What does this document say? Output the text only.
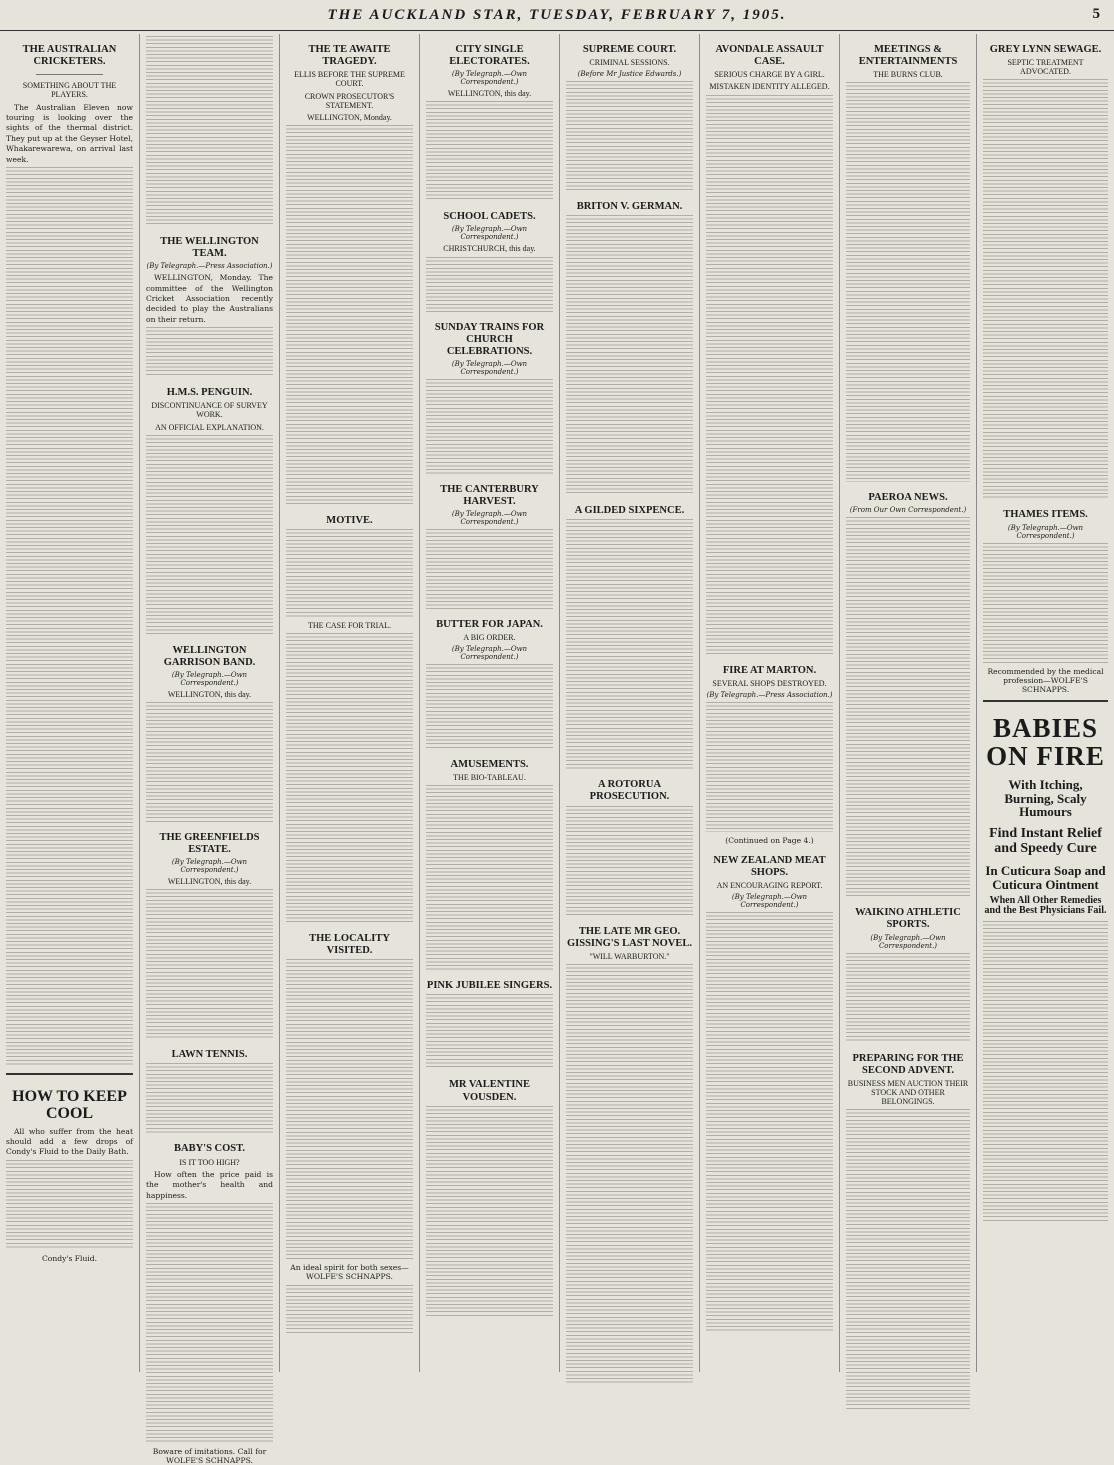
THE AUCKLAND STAR, TUESDAY, FEBRUARY 7, 1905.	5
THE AUSTRALIAN CRICKETERS.
SOMETHING ABOUT THE PLAYERS.
The Australian Eleven now touring is looking over the sights of the thermal district. They put up at the Geyser Hotel, Whakarewarewa, on arrival last week.
HOW TO KEEP COOL
All who suffer from the heat should add a few drops of Condy's Fluid to the Daily Bath.
Condy's Fluid.
THE WELLINGTON TEAM.
(By Telegraph.—Press Association.)
WELLINGTON, Monday. The committee of the Wellington Cricket Association recently decided to play the Australians on their return.
H.M.S. PENGUIN.
DISCONTINUANCE OF SURVEY WORK.
AN OFFICIAL EXPLANATION.
WELLINGTON GARRISON BAND.
(By Telegraph.—Own Correspondent.)
WELLINGTON, this day.
THE GREENFIELDS ESTATE.
(By Telegraph.—Own Correspondent.)
WELLINGTON, this day.
LAWN TENNIS.
BABY'S COST.
IS IT TOO HIGH?
How often the price paid is the mother's health and happiness.
Boware of imitations. Call for WOLFE'S SCHNAPPS.
THE TE AWAITE TRAGEDY.
ELLIS BEFORE THE SUPREME COURT.
CROWN PROSECUTOR'S STATEMENT.
WELLINGTON, Monday.
MOTIVE.
THE CASE FOR TRIAL.
THE LOCALITY VISITED.
An ideal spirit for both sexes—WOLFE'S SCHNAPPS.
CITY SINGLE ELECTORATES.
(By Telegraph.—Own Correspondent.)
WELLINGTON, this day.
SCHOOL CADETS.
(By Telegraph.—Own Correspondent.)
CHRISTCHURCH, this day.
SUNDAY TRAINS FOR CHURCH CELEBRATIONS.
(By Telegraph.—Own Correspondent.)
THE CANTERBURY HARVEST.
(By Telegraph.—Own Correspondent.)
BUTTER FOR JAPAN.
A BIG ORDER.
(By Telegraph.—Own Correspondent.)
AMUSEMENTS.
THE BIO-TABLEAU.
PINK JUBILEE SINGERS.
MR VALENTINE VOUSDEN.
SUPREME COURT.
CRIMINAL SESSIONS.
(Before Mr Justice Edwards.)
BRITON V. GERMAN.
A GILDED SIXPENCE.
A ROTORUA PROSECUTION.
THE LATE MR GEO. GISSING'S LAST NOVEL.
"WILL WARBURTON."
AVONDALE ASSAULT CASE.
SERIOUS CHARGE BY A GIRL.
MISTAKEN IDENTITY ALLEGED.
FIRE AT MARTON.
SEVERAL SHOPS DESTROYED.
(By Telegraph.—Press Association.)
(Continued on Page 4.)
NEW ZEALAND MEAT SHOPS.
AN ENCOURAGING REPORT.
(By Telegraph.—Own Correspondent.)
MEETINGS & ENTERTAINMENTS
THE BURNS CLUB.
PAEROA NEWS.
(From Our Own Correspondent.)
WAIKINO ATHLETIC SPORTS.
(By Telegraph.—Own Correspondent.)
PREPARING FOR THE SECOND ADVENT.
BUSINESS MEN AUCTION THEIR STOCK AND OTHER BELONGINGS.
GREY LYNN SEWAGE.
SEPTIC TREATMENT ADVOCATED.
THAMES ITEMS.
(By Telegraph.—Own Correspondent.)
Recommended by the medical profession—WOLFE'S SCHNAPPS.
BABIES ON FIRE
With Itching, Burning, Scaly Humours
Find Instant Relief and Speedy Cure
In Cuticura Soap and Cuticura Ointment
When All Other Remedies and the Best Physicians Fail.
